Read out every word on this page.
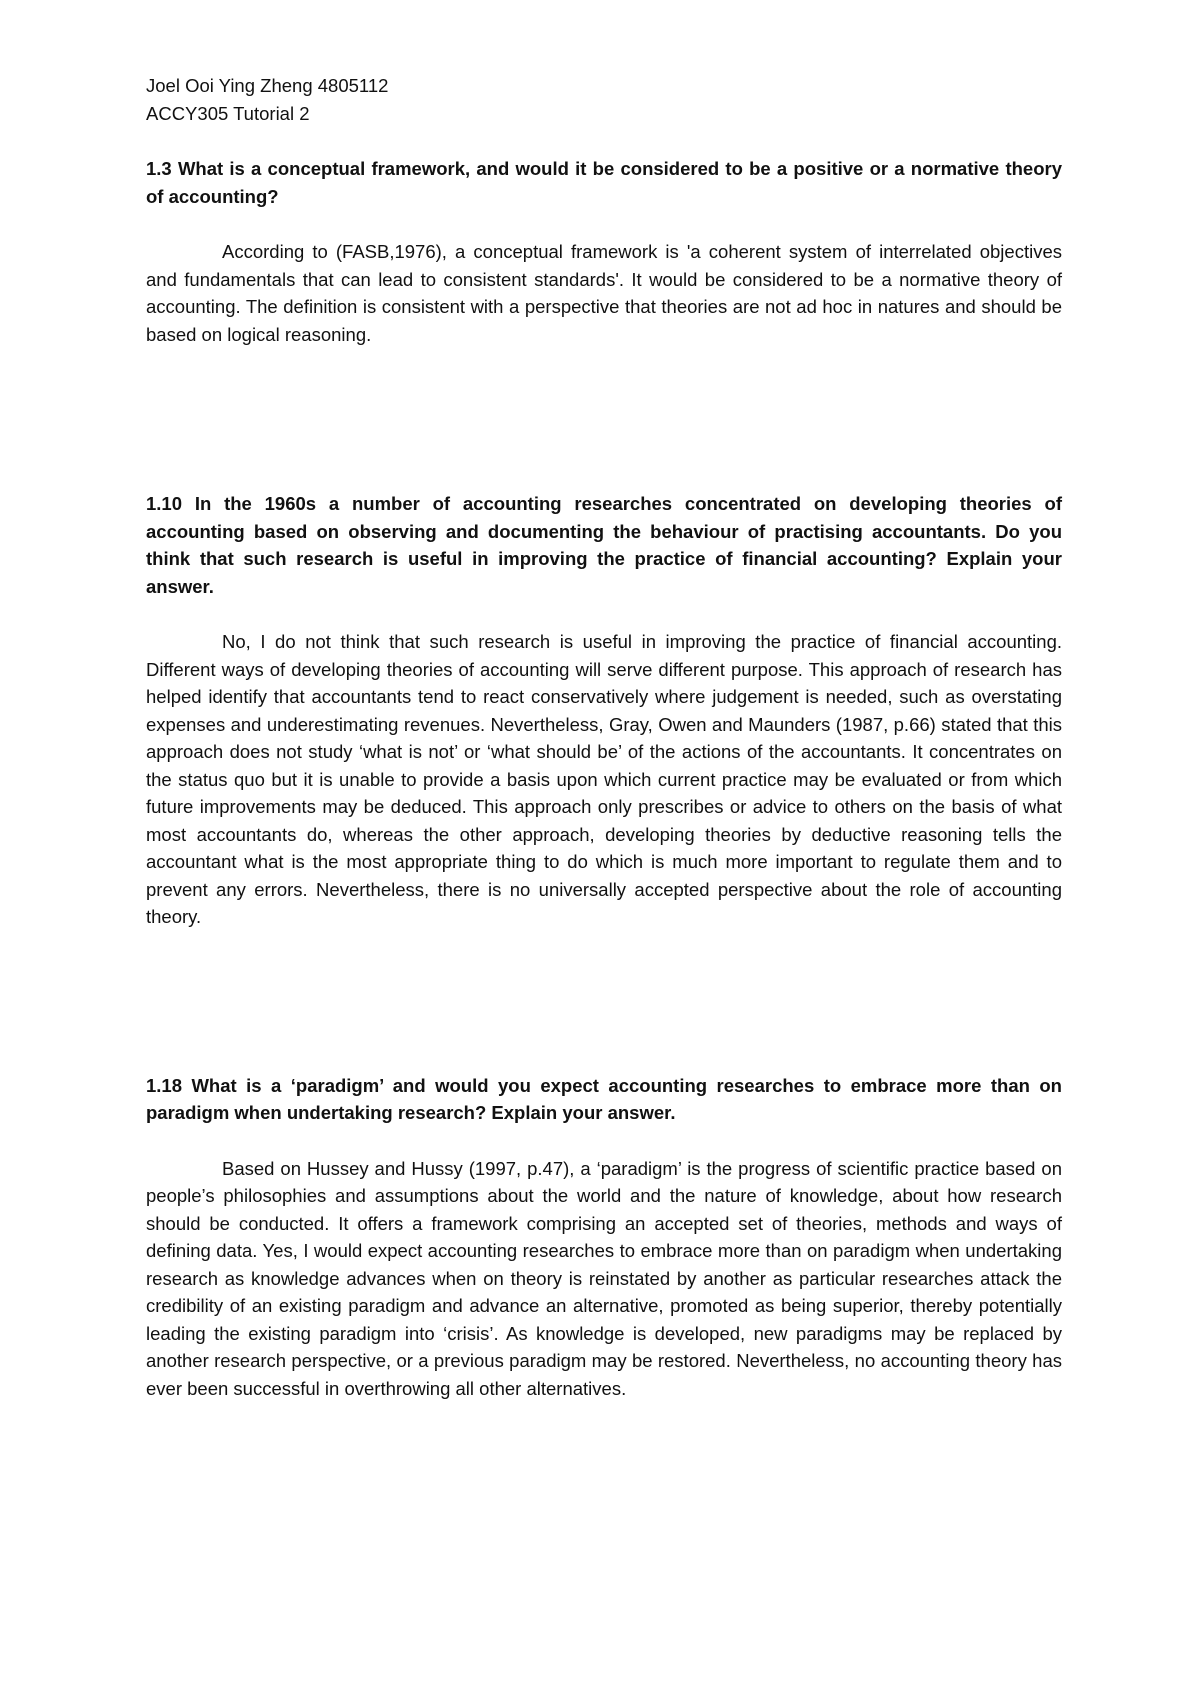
Joel Ooi Ying Zheng 4805112

ACCY305 Tutorial 2

1.3 What is a conceptual framework, and would it be considered to be a positive or a normative theory of accounting?

According to (FASB,1976), a conceptual framework is 'a coherent system of interrelated objectives and fundamentals that can lead to consistent standards'. It would be considered to be a normative theory of accounting. The definition is consistent with a perspective that theories are not ad hoc in natures and should be based on logical reasoning.

1.10 In the 1960s a number of accounting researches concentrated on developing theories of accounting based on observing and documenting the behaviour of practising accountants. Do you think that such research is useful in improving the practice of financial accounting? Explain your answer.

No, I do not think that such research is useful in improving the practice of financial accounting. Different ways of developing theories of accounting will serve different purpose. This approach of research has helped identify that accountants tend to react conservatively where judgement is needed, such as overstating expenses and underestimating revenues. Nevertheless, Gray, Owen and Maunders (1987, p.66) stated that this approach does not study ‘what is not’ or ‘what should be’ of the actions of the accountants. It concentrates on the status quo but it is unable to provide a basis upon which current practice may be evaluated or from which future improvements may be deduced. This approach only prescribes or advice to others on the basis of what most accountants do, whereas the other approach, developing theories by deductive reasoning tells the accountant what is the most appropriate thing to do which is much more important to regulate them and to prevent any errors. Nevertheless, there is no universally accepted perspective about the role of accounting theory.

1.18 What is a ‘paradigm’ and would you expect accounting researches to embrace more than on paradigm when undertaking research? Explain your answer.

Based on Hussey and Hussy (1997, p.47), a ‘paradigm’ is the progress of scientific practice based on people’s philosophies and assumptions about the world and the nature of knowledge, about how research should be conducted. It offers a framework comprising an accepted set of theories, methods and ways of defining data. Yes, I would expect accounting researches to embrace more than on paradigm when undertaking research as knowledge advances when on theory is reinstated by another as particular researches attack the credibility of an existing paradigm and advance an alternative, promoted as being superior, thereby potentially leading the existing paradigm into ‘crisis’. As knowledge is developed, new paradigms may be replaced by another research perspective, or a previous paradigm may be restored. Nevertheless, no accounting theory has ever been successful in overthrowing all other alternatives.
